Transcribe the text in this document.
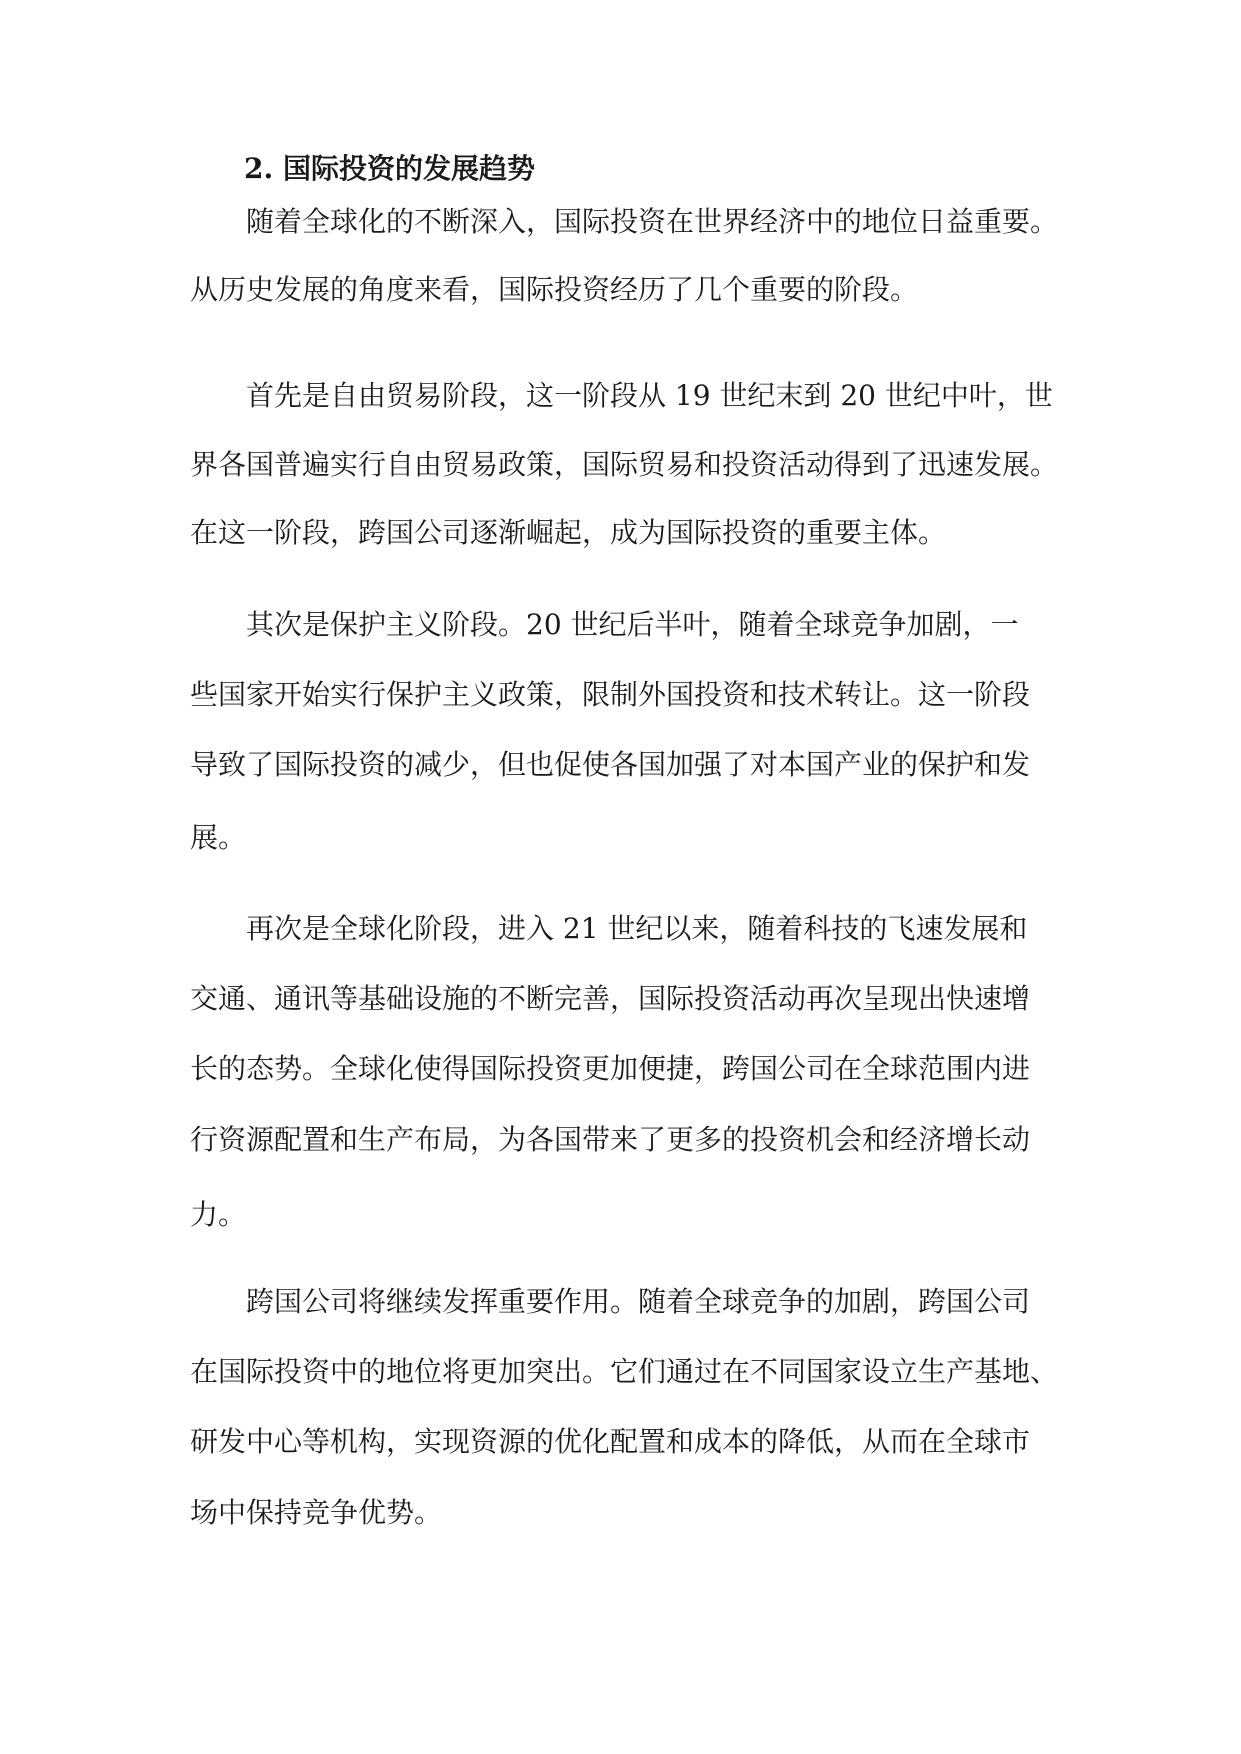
2. 国际投资的发展趋势
随着全球化的不断深入，国际投资在世界经济中的地位日益重要。
从历史发展的角度来看，国际投资经历了几个重要的阶段。
首先是自由贸易阶段，这一阶段从 19 世纪末到 20 世纪中叶，世
界各国普遍实行自由贸易政策，国际贸易和投资活动得到了迅速发展。
在这一阶段，跨国公司逐渐崛起，成为国际投资的重要主体。
其次是保护主义阶段。20 世纪后半叶，随着全球竞争加剧，一
些国家开始实行保护主义政策，限制外国投资和技术转让。这一阶段
导致了国际投资的减少，但也促使各国加强了对本国产业的保护和发
展。
再次是全球化阶段，进入 21 世纪以来，随着科技的飞速发展和
交通、通讯等基础设施的不断完善，国际投资活动再次呈现出快速增
长的态势。全球化使得国际投资更加便捷，跨国公司在全球范围内进
行资源配置和生产布局，为各国带来了更多的投资机会和经济增长动
力。
跨国公司将继续发挥重要作用。随着全球竞争的加剧，跨国公司
在国际投资中的地位将更加突出。它们通过在不同国家设立生产基地、
研发中心等机构，实现资源的优化配置和成本的降低，从而在全球市
场中保持竞争优势。
